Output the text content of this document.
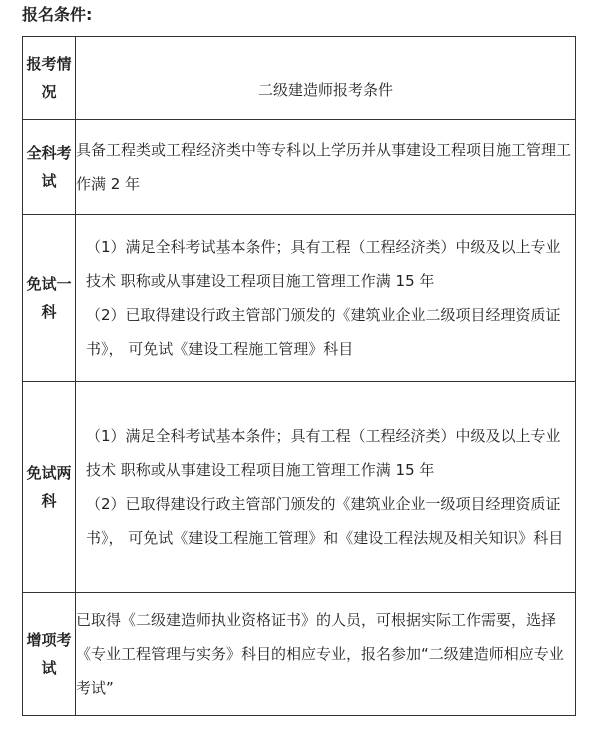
报名条件:
报考情况	二级建造师报考条件

全科考试	具备工程类或工程经济类中等专科以上学历并从事建设工程项目施工管理工作满 2 年

免试一科	（1）满足全科考试基本条件；具有工程（工程经济类）中级及以上专业技术 职称或从事建设工程项目施工管理工作满 15 年

（2）已取得建设行政主管部门颁发的《建筑业企业二级项目经理资质证书》， 可免试《建设工程施工管理》科目

免试两科	（1）满足全科考试基本条件；具有工程（工程经济类）中级及以上专业技术 职称或从事建设工程项目施工管理工作满 15 年

（2）已取得建设行政主管部门颁发的《建筑业企业一级项目经理资质证书》， 可免试《建设工程施工管理》和《建设工程法规及相关知识》科目

增项考试	已取得《二级建造师执业资格证书》的人员，可根据实际工作需要，选择《专业工程管理与实务》科目的相应专业，报名参加“二级建造师相应专业考试”
